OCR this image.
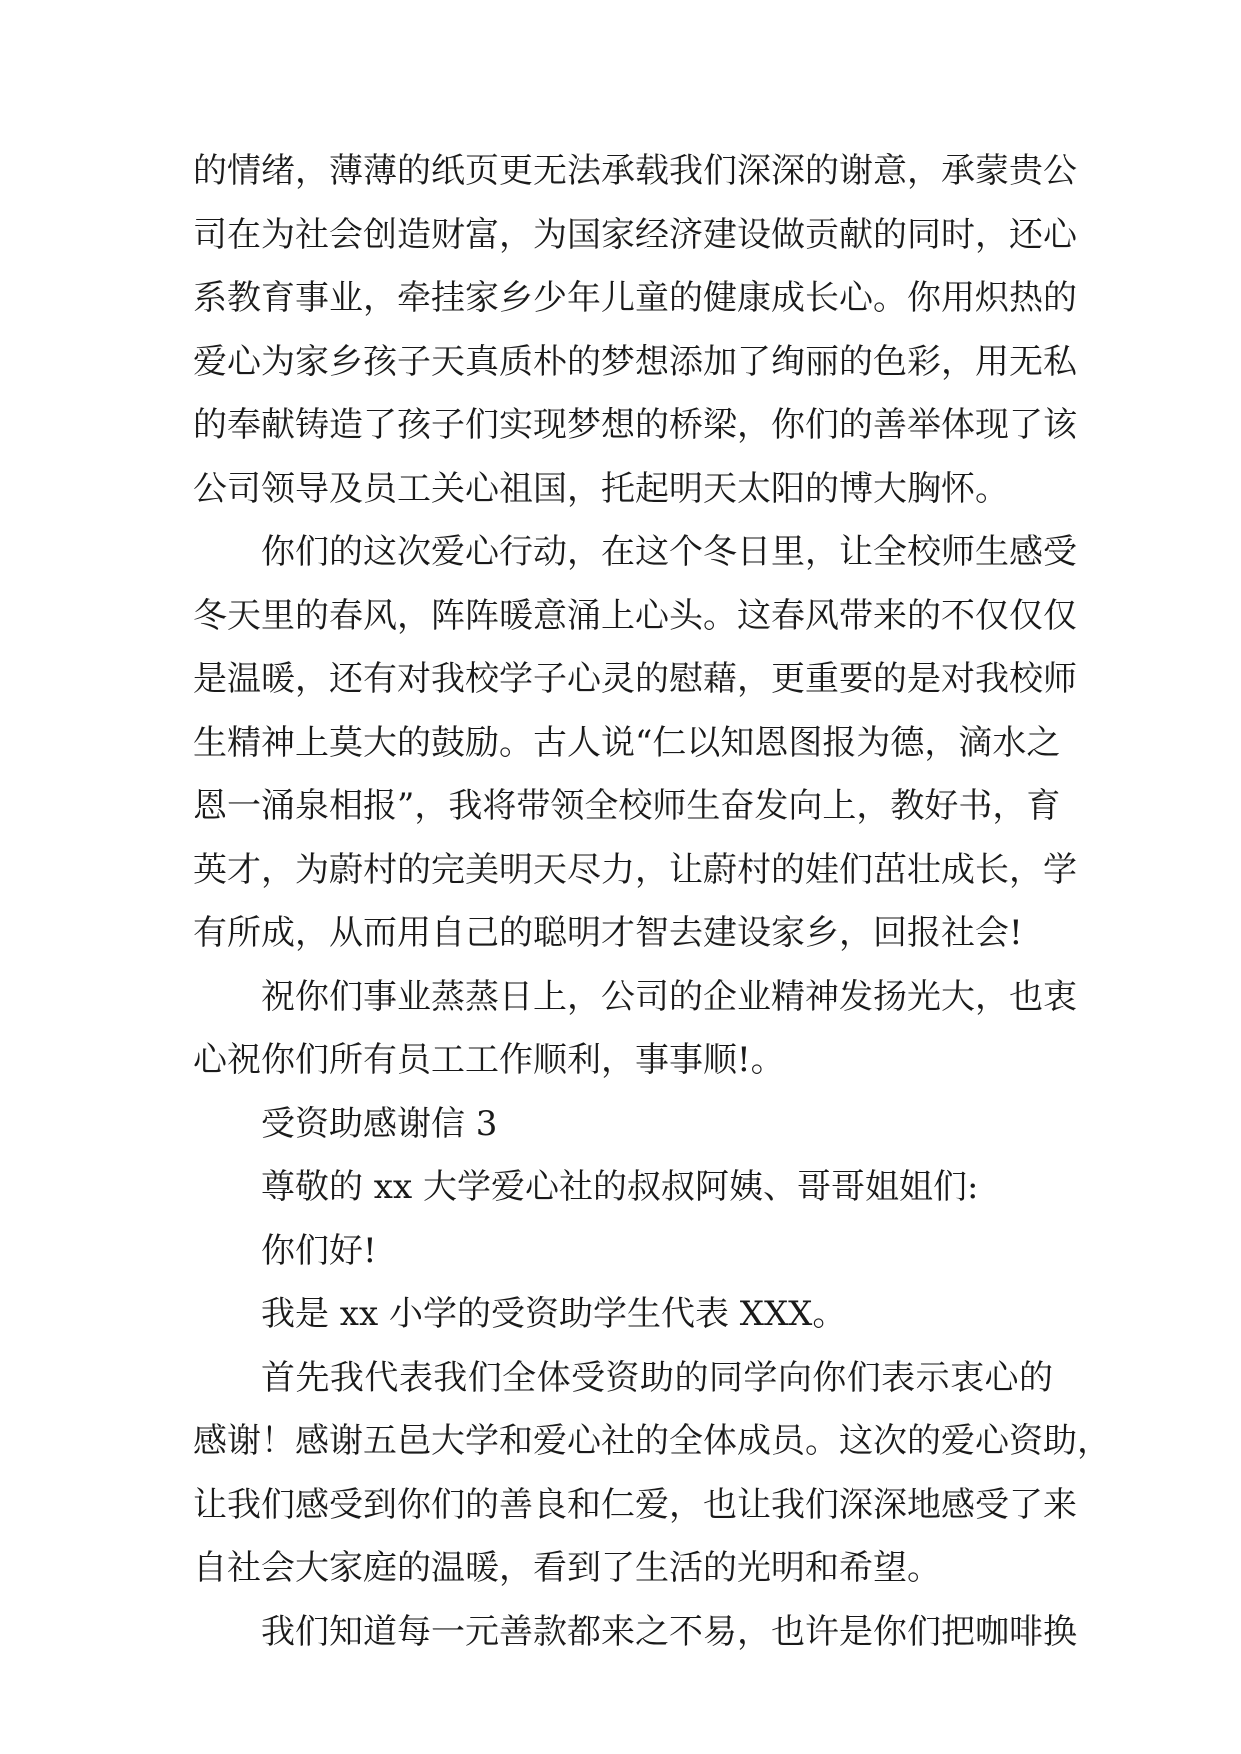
的情绪，薄薄的纸页更无法承载我们深深的谢意，承蒙贵公
司在为社会创造财富，为国家经济建设做贡献的同时，还心
系教育事业，牵挂家乡少年儿童的健康成长心。你用炽热的
爱心为家乡孩子天真质朴的梦想添加了绚丽的色彩，用无私
的奉献铸造了孩子们实现梦想的桥梁，你们的善举体现了该
公司领导及员工关心祖国，托起明天太阳的博大胸怀。
你们的这次爱心行动，在这个冬日里，让全校师生感受
冬天里的春风，阵阵暖意涌上心头。这春风带来的不仅仅仅
是温暖，还有对我校学子心灵的慰藉，更重要的是对我校师
生精神上莫大的鼓励。古人说“仁以知恩图报为德，滴水之
恩一涌泉相报”，我将带领全校师生奋发向上，教好书，育
英才，为蔚村的完美明天尽力，让蔚村的娃们茁壮成长，学
有所成，从而用自己的聪明才智去建设家乡，回报社会!
祝你们事业蒸蒸日上，公司的企业精神发扬光大，也衷
心祝你们所有员工工作顺利，事事顺!。
受资助感谢信 3
尊敬的 xx 大学爱心社的叔叔阿姨、哥哥姐姐们:
你们好!
我是 xx 小学的受资助学生代表 XXX。
首先我代表我们全体受资助的同学向你们表示衷心的
感谢！感谢五邑大学和爱心社的全体成员。这次的爱心资助，
让我们感受到你们的善良和仁爱，也让我们深深地感受了来
自社会大家庭的温暖，看到了生活的光明和希望。
我们知道每一元善款都来之不易，也许是你们把咖啡换
